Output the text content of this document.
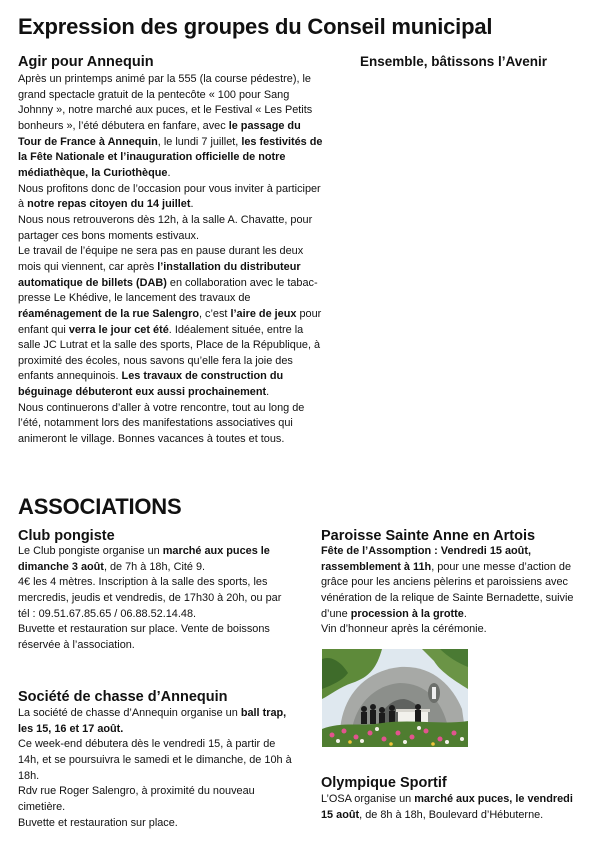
Expression des groupes du Conseil municipal
Agir pour Annequin

Après un printemps animé par la 555 (la course pédestre), le grand spectacle gratuit de la pentecôte « 100 pour Sang Johnny », notre marché aux puces, et le Festival « Les Petits bonheurs », l’été débutera en fanfare, avec le passage du Tour de France à Annequin, le lundi 7 juillet, les festivités de la Fête Nationale et l’inauguration officielle de notre médiathèque, la Curiothèque.

Nous profitons donc de l’occasion pour vous inviter à participer à notre repas citoyen du 14 juillet.

Nous nous retrouverons dès 12h, à la salle A. Chavatte, pour partager ces bons moments estivaux.

Le travail de l’équipe ne sera pas en pause durant les deux mois qui viennent, car après l’installation du distributeur automatique de billets (DAB) en collaboration avec le tabac-presse Le Khédive, le lancement des travaux de réaménagement de la rue Salengro, c’est l’aire de jeux pour enfant qui verra le jour cet été. Idéalement située, entre la salle JC Lutrat et la salle des sports, Place de la République, à proximité des écoles, nous savons qu’elle fera la joie des enfants annequinois. Les travaux de construction du béguinage débuteront eux aussi prochainement.

Nous continuerons d’aller à votre rencontre, tout au long de l’été, notamment lors des manifestations associatives qui animeront le village. Bonnes vacances à toutes et tous.

Ensemble, bâtissons l’Avenir
ASSOCIATIONS
Club pongiste

Le Club pongiste organise un marché aux puces le dimanche 3 août, de 7h à 18h, Cité 9.

4€ les 4 mètres. Inscription à la salle des sports, les mercredis, jeudis et vendredis, de 17h30 à 20h, ou par tél : 09.51.67.85.65 / 06.88.52.14.48.

Buvette et restauration sur place. Vente de boissons réservée à l’association.

Société de chasse d’Annequin

La société de chasse d’Annequin organise un ball trap, les 15, 16 et 17 août.

Ce week-end débutera dès le vendredi 15, à partir de 14h, et se poursuivra le samedi et le dimanche, de 10h à 18h.

Rdv rue Roger Salengro, à proximité du nouveau cimetière.

Buvette et restauration sur place.

Paroisse Sainte Anne en Artois

Fête de l’Assomption : Vendredi 15 août, rassemblement à 11h, pour une messe d’action de grâce pour les anciens pèlerins et paroissiens avec vénération de la relique de Sainte Bernadette, suivie d’une procession à la grotte.

Vin d’honneur après la cérémonie.

Olympique Sportif

L’OSA organise un marché aux puces, le vendredi 15 août, de 8h à 18h, Boulevard d’Hébuterne.
